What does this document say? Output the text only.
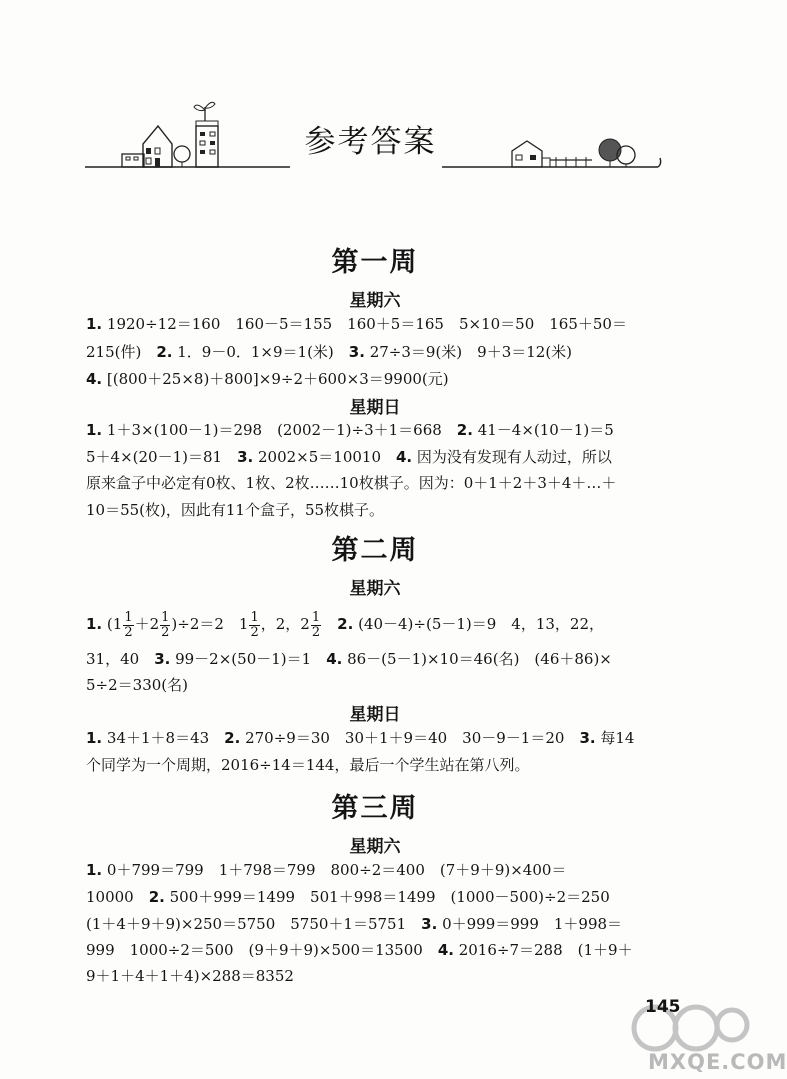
参考答案
第一周
星期六
1. 1920÷12＝160　160－5＝155　160＋5＝165　5×10＝50　165＋50＝
215(件)　2. 1．9－0．1×9＝1(米)　3. 27÷3＝9(米)　9＋3＝12(米)
4. [(800＋25×8)＋800]×9÷2＋600×3＝9900(元)
星期日
1. 1＋3×(100－1)＝298　(2002－1)÷3＋1＝668　2. 41－4×(10－1)＝5
5＋4×(20－1)＝81　3. 2002×5＝10010　4. 因为没有发现有人动过，所以
原来盒子中必定有0枚、1枚、2枚……10枚棋子。因为：0＋1＋2＋3＋4＋…＋
10＝55(枚)，因此有11个盒子，55枚棋子。
第二周
星期六
1. $(1 \frac{1}{2} +2 \frac{1}{2} )\div 2=2$　$1 \frac{1}{2}$ ，2，$2 \frac{1}{2}$
　 2. (40－4)÷(5－1)＝9　4，13，22，
31，40　3. 99－2×(50－1)＝1　4. 86－(5－1)×10＝46(名)　(46＋86)×
5÷2＝330(名)
星期日
1. 34＋1＋8＝43　2. 270÷9＝30　30＋1＋9＝40　30－9－1＝20　3. 每14
个同学为一个周期，2016÷14＝144，最后一个学生站在第八列。
第三周
星期六
1. 0＋799＝799　1＋798＝799　800÷2＝400　(7＋9＋9)×400＝
10000　2. 500＋999＝1499　501＋998＝1499　(1000－500)÷2＝250
(1＋4＋9＋9)×250＝5750　5750＋1＝5751　3. 0＋999＝999　1＋998＝
999　1000÷2＝500　(9＋9＋9)×500＝13500　4. 2016÷7＝288　(1＋9＋
9＋1＋4＋1＋4)×288＝8352
145
MXQE.COM
